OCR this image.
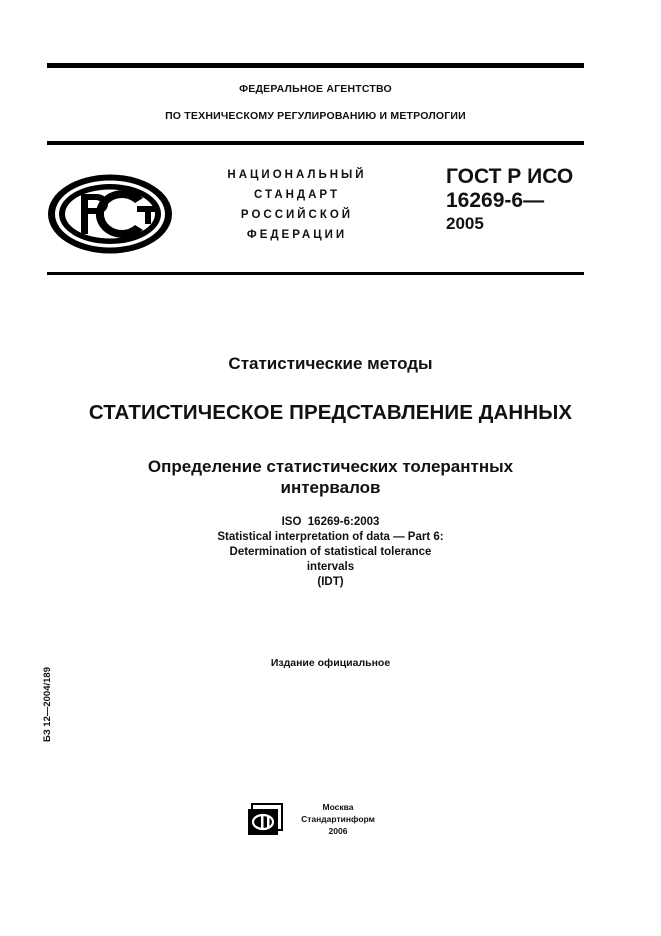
ФЕДЕРАЛЬНОЕ АГЕНТСТВО
ПО ТЕХНИЧЕСКОМУ РЕГУЛИРОВАНИЮ И МЕТРОЛОГИИ
НАЦИОНАЛЬНЫЙ
СТАНДАРТ
РОССИЙСКОЙ
ФЕДЕРАЦИИ
ГОСТ Р ИСО
16269-6—
2005
Статистические методы
СТАТИСТИЧЕСКОЕ ПРЕДСТАВЛЕНИЕ ДАННЫХ
Определение статистических толерантных
интервалов
ISO  16269-6:2003
Statistical interpretation of data — Part 6:
Determination of statistical tolerance
intervals
(IDT)
Издание официальное
БЗ 12—2004/189
Москва
Стандартинформ
2006
